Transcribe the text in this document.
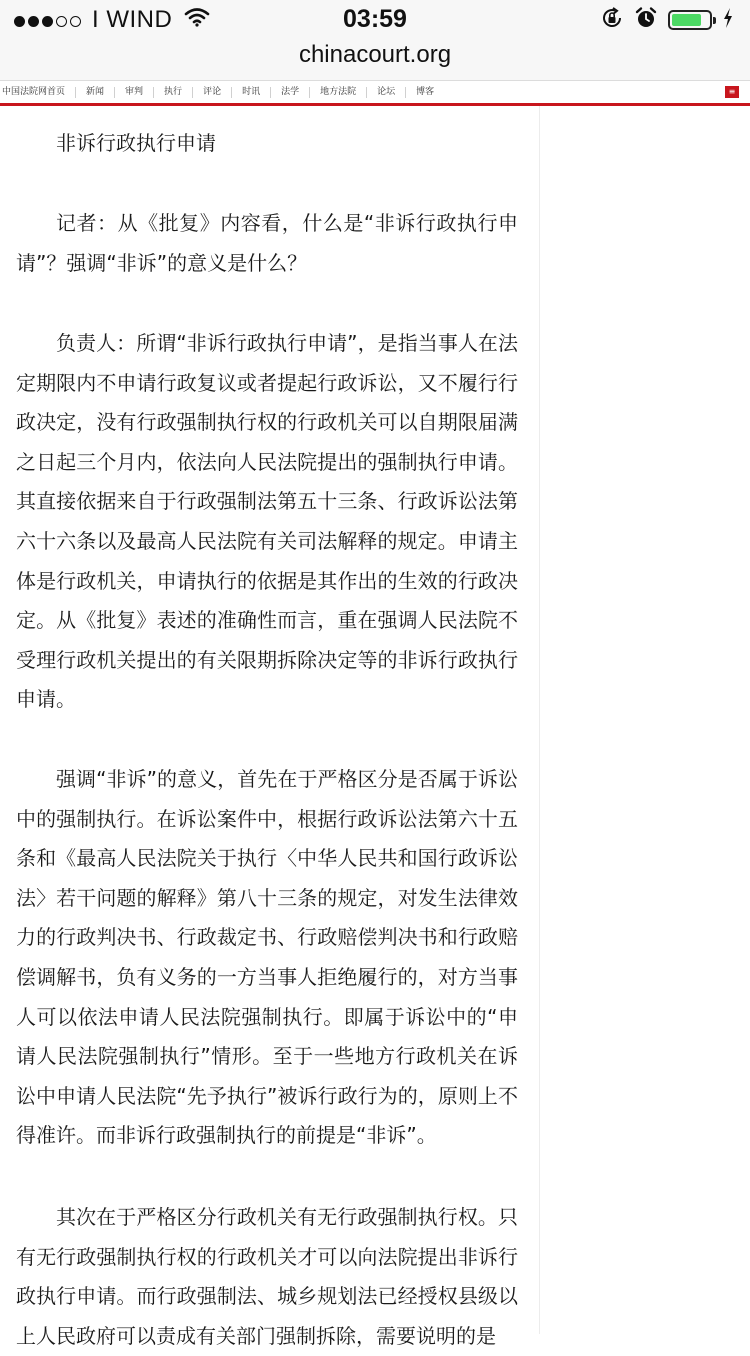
I WIND	03:59
chinacourt.org
中国法院网首页	新闻	审判	执行	评论	时讯	法学	地方法院	论坛	博客	≡

非诉行政执行申请

记者：从《批复》内容看，什么是“非诉行政执行申请”？强调“非诉”的意义是什么？

负责人：所谓“非诉行政执行申请”，是指当事人在法定期限内不申请行政复议或者提起行政诉讼，又不履行行政决定，没有行政强制执行权的行政机关可以自期限届满之日起三个月内，依法向人民法院提出的强制执行申请。其直接依据来自于行政强制法第五十三条、行政诉讼法第六十六条以及最高人民法院有关司法解释的规定。申请主体是行政机关，申请执行的依据是其作出的生效的行政决定。从《批复》表述的准确性而言，重在强调人民法院不受理行政机关提出的有关限期拆除决定等的非诉行政执行申请。

强调“非诉”的意义，首先在于严格区分是否属于诉讼中的强制执行。在诉讼案件中，根据行政诉讼法第六十五条和《最高人民法院关于执行〈中华人民共和国行政诉讼法〉若干问题的解释》第八十三条的规定，对发生法律效力的行政判决书、行政裁定书、行政赔偿判决书和行政赔偿调解书，负有义务的一方当事人拒绝履行的，对方当事人可以依法申请人民法院强制执行。即属于诉讼中的“申请人民法院强制执行”情形。至于一些地方行政机关在诉讼中申请人民法院“先予执行”被诉行政行为的，原则上不得准许。而非诉行政强制执行的前提是“非诉”。

其次在于严格区分行政机关有无行政强制执行权。只有无行政强制执行权的行政机关才可以向法院提出非诉行政执行申请。而行政强制法、城乡规划法已经授权县级以上人民政府可以责成有关部门强制拆除，需要说明的是
